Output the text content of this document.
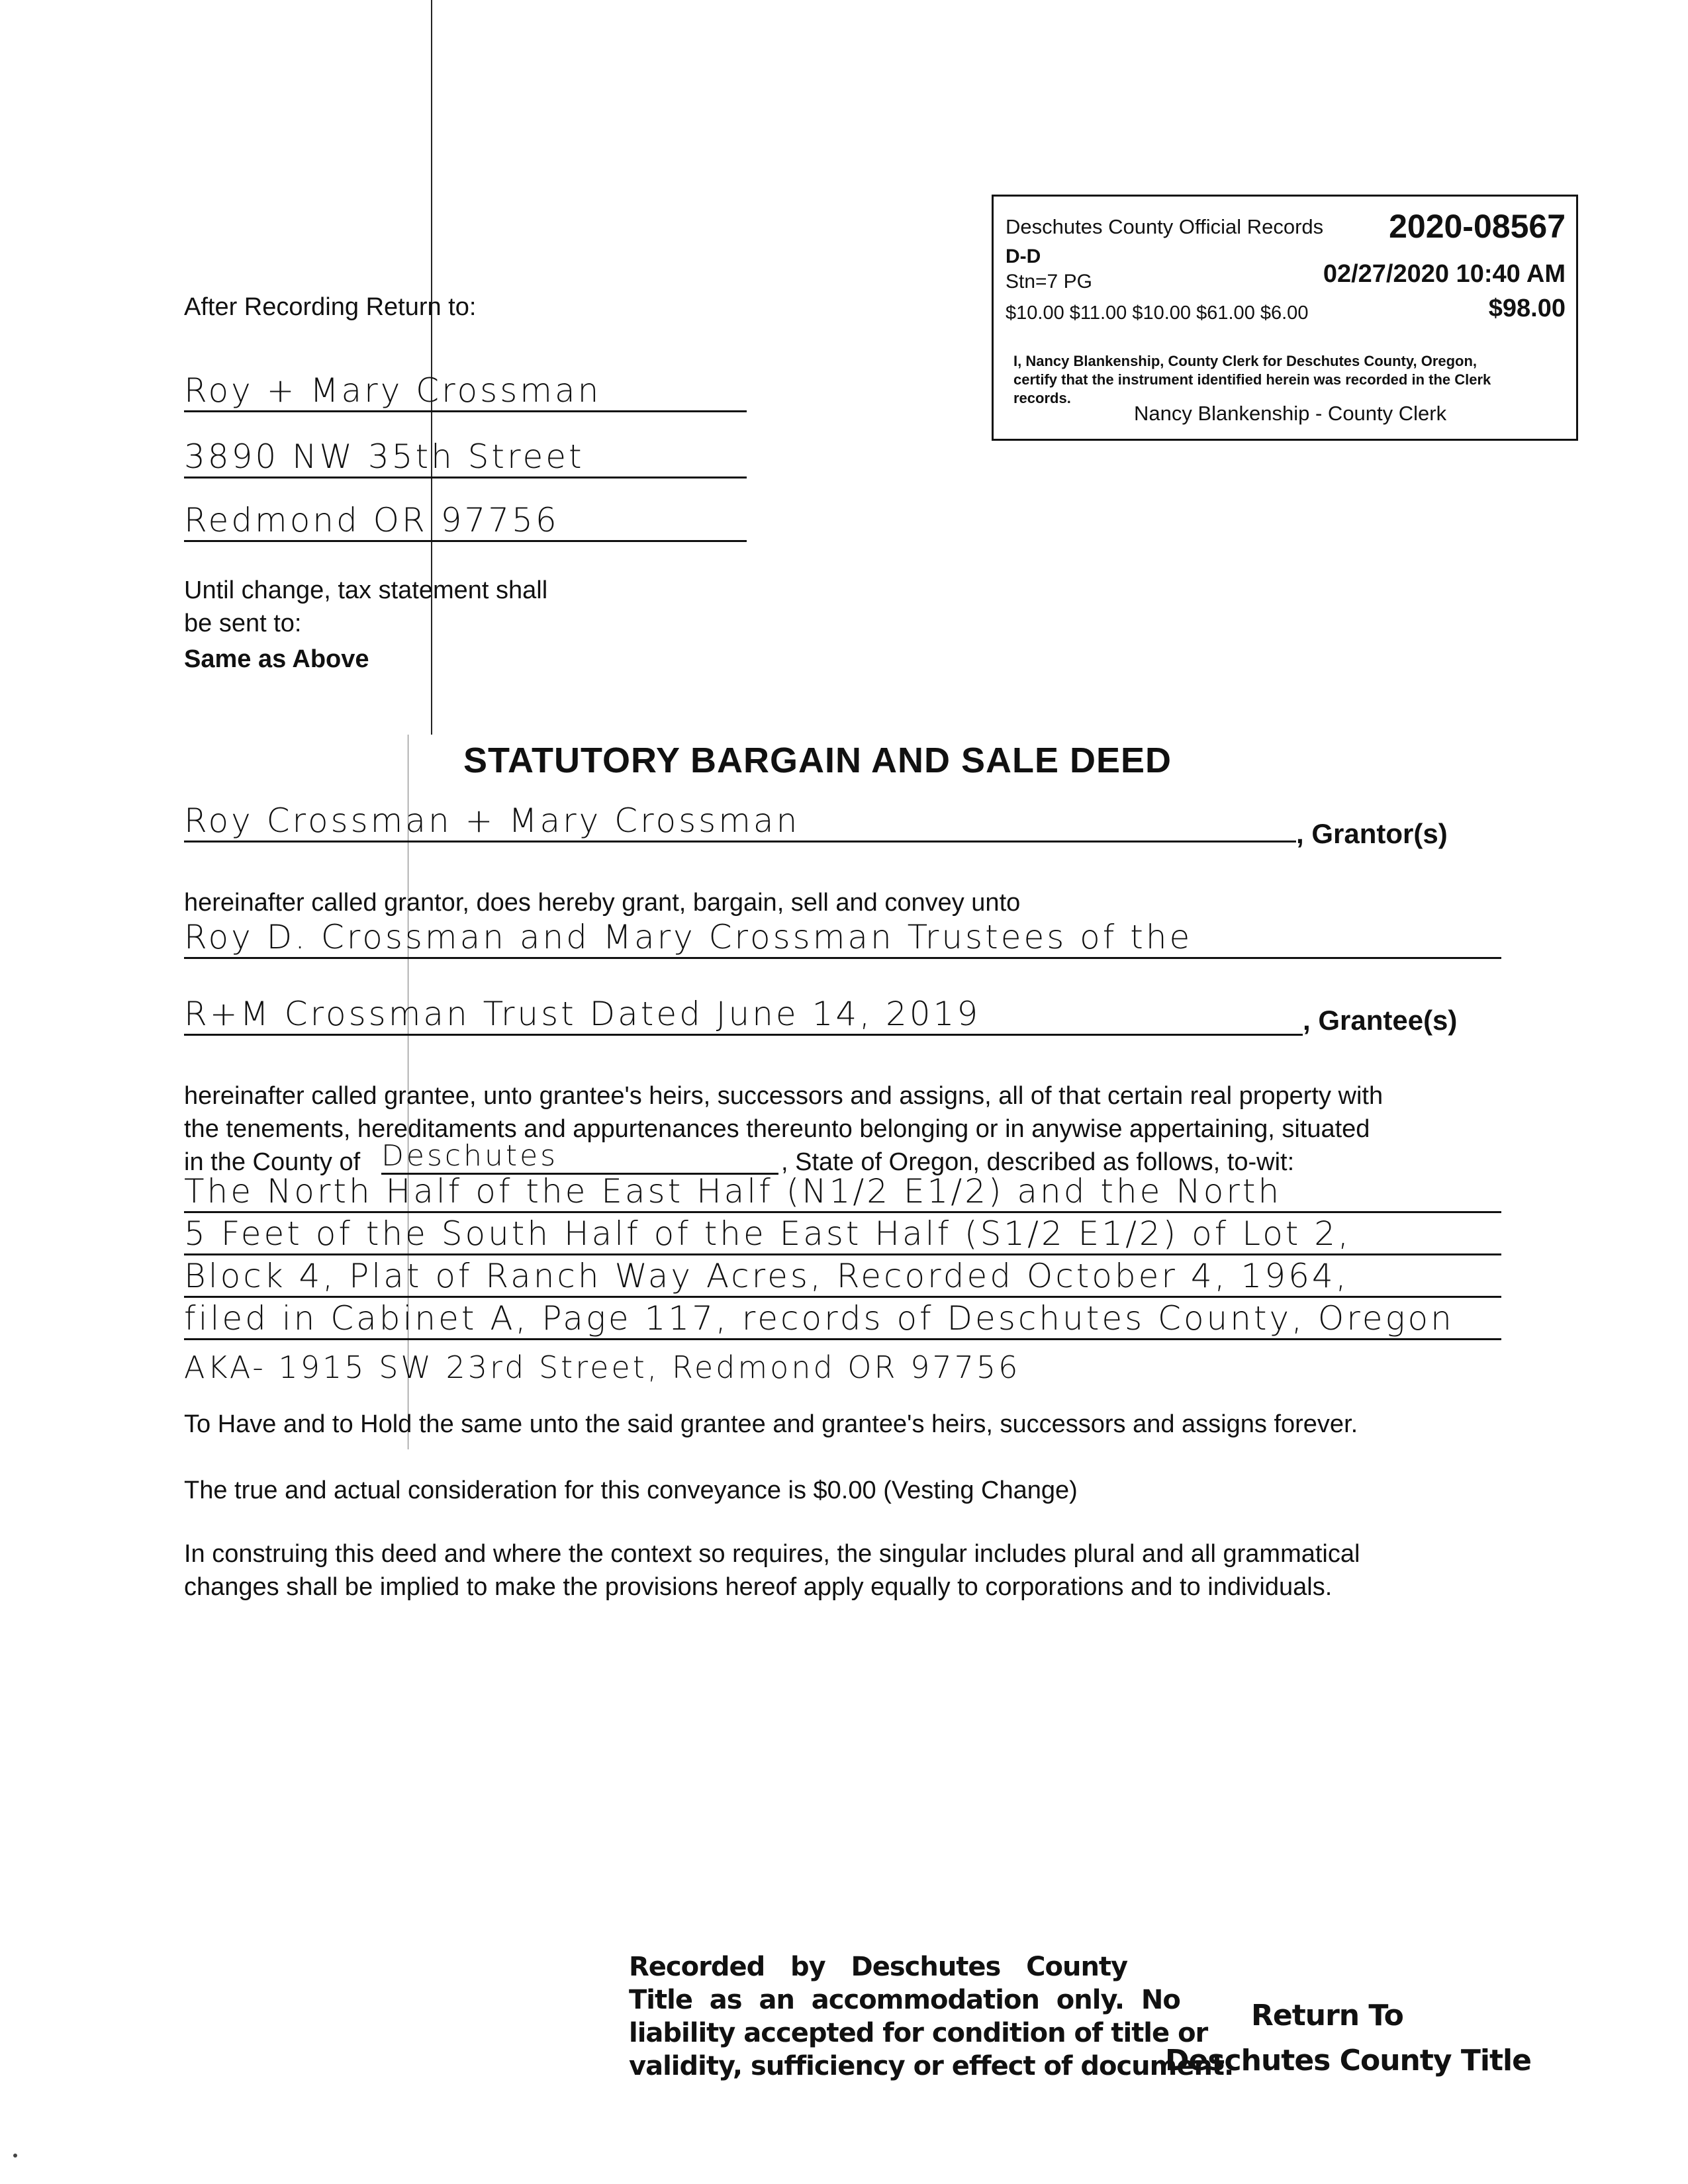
After Recording Return to:
Roy + Mary Crossman
3890 NW 35th Street
Redmond OR 97756
Until change, tax statement shall
be sent to:
Same as Above
Deschutes County Official Records 2020-08567
D-D
Stn=7 PG	02/27/2020 10:40 AM
$10.00 $11.00 $10.00 $61.00 $6.00	$98.00
I, Nancy Blankenship, County Clerk for Deschutes County, Oregon,
certify that the instrument identified herein was recorded in the Clerk
records.
Nancy Blankenship - County Clerk
STATUTORY BARGAIN AND SALE DEED
Roy Crossman + Mary Crossman	, Grantor(s)
hereinafter called grantor, does hereby grant, bargain, sell and convey unto
Roy D. Crossman and Mary Crossman Trustees of the
R+M Crossman Trust Dated June 14, 2019	, Grantee(s)
hereinafter called grantee, unto grantee's heirs, successors and assigns, all of that certain real property with
the tenements, hereditaments and appurtenances thereunto belonging or in anywise appertaining, situated
in the County of Deschutes	, State of Oregon, described as follows, to-wit:
The North Half of the East Half (N1/2 E1/2) and the North
5 Feet of the South Half of the East Half (S1/2 E1/2) of Lot 2,
Block 4, Plat of Ranch Way Acres, Recorded October 4, 1964,
filed in Cabinet A, Page 117, records of Deschutes County, Oregon
AKA- 1915 SW 23rd Street, Redmond OR 97756
To Have and to Hold the same unto the said grantee and grantee's heirs, successors and assigns forever.
The true and actual consideration for this conveyance is $0.00 (Vesting Change)
In construing this deed and where the context so requires, the singular includes plural and all grammatical
changes shall be implied to make the provisions hereof apply equally to corporations and to individuals.
Recorded   by   Deschutes   County
Title  as  an  accommodation  only.  No
liability accepted for condition of title or
validity, sufficiency or effect of document.
Return To
Deschutes County Title
